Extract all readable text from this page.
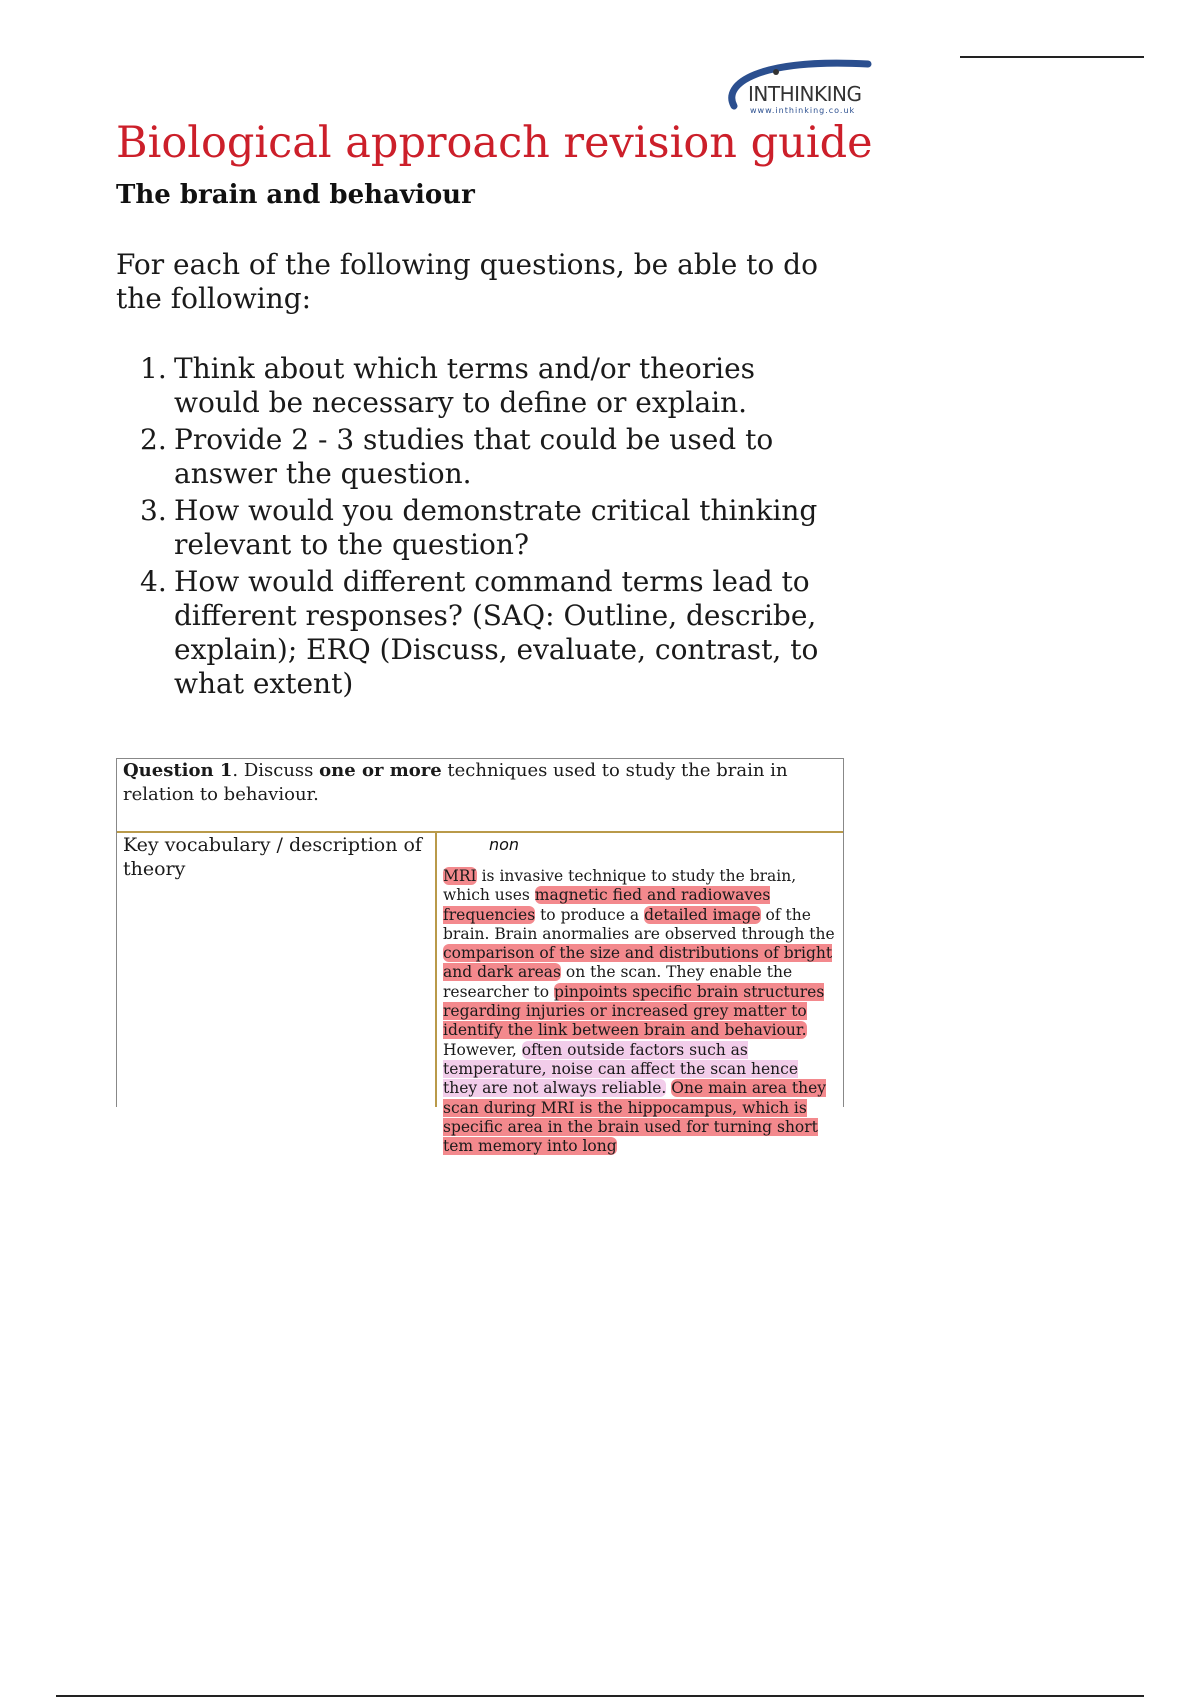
INTHINKING
www.inthinking.co.uk
Biological approach revision guide
The brain and behaviour

For each of the following questions, be able to do the following:

1. Think about which terms and/or theories would be necessary to define or explain.
2. Provide 2 - 3 studies that could be used to answer the question.
3. How would you demonstrate critical thinking relevant to the question?
4. How would different command terms lead to different responses? (SAQ: Outline, describe, explain); ERQ (Discuss, evaluate, contrast, to what extent)
Question 1. Discuss one or more techniques used to study the brain in relation to behaviour.
Key vocabulary / description of theory
non
MRI is invasive technique to study the brain, which uses magnetic fied and radiowaves frequencies to produce a detailed image of the brain. Brain anormalies are observed through the comparison of the size and distributions of bright and dark areas on the scan. They enable the researcher to pinpoints specific brain structures regarding injuries or increased grey matter to identify the link between brain and behaviour. However, often outside factors such as temperature, noise can affect the scan hence they are not always reliable. One main area they scan during MRI is the hippocampus, which is specific area in the brain used for turning short tem memory into long
